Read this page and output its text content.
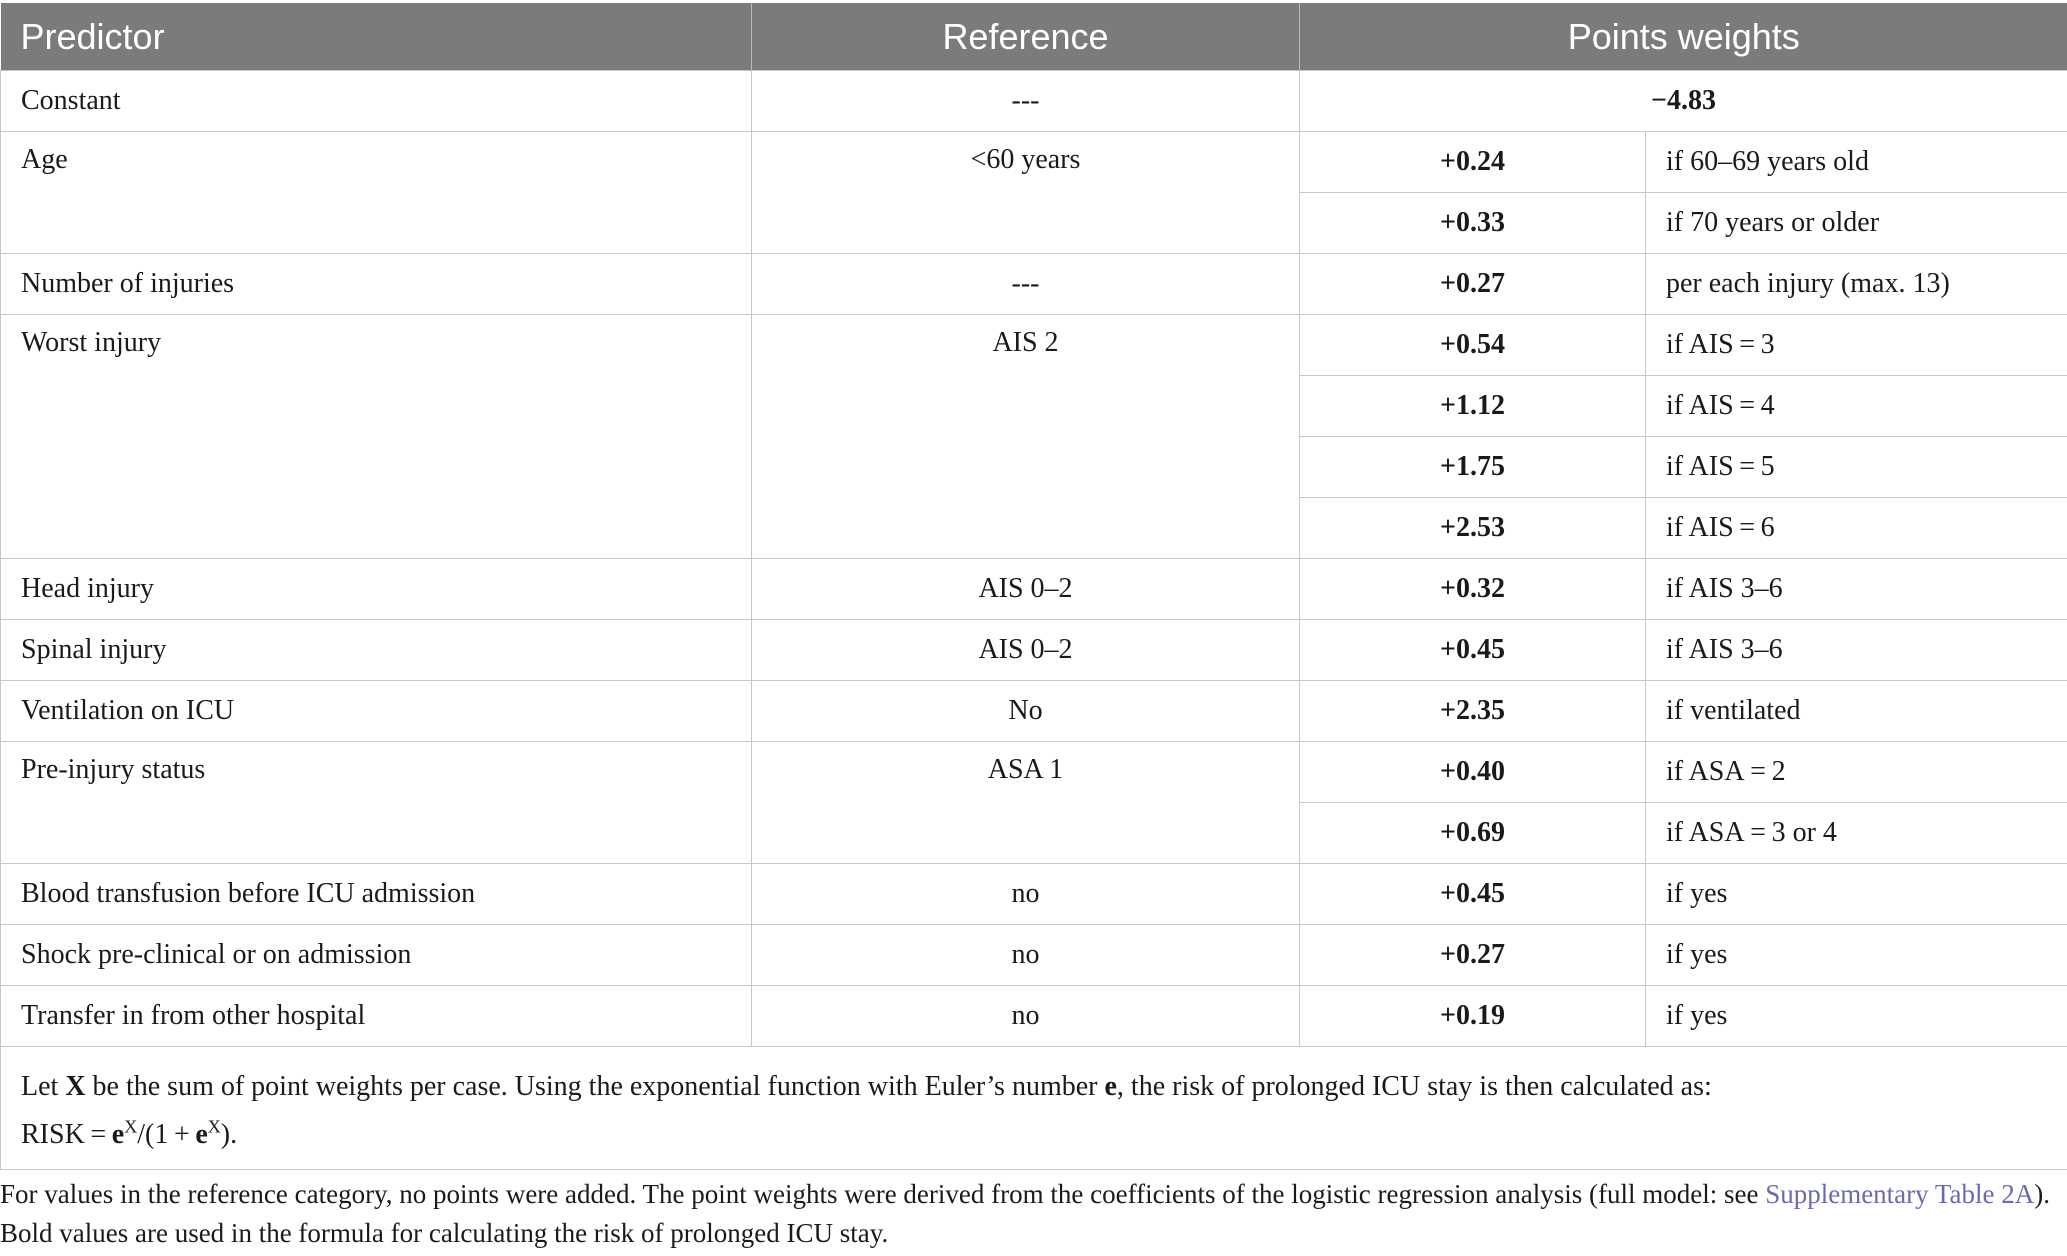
Predictor	Reference	Points weights	
Constant	---	−4.83	
Age	<60 years	+0.24	if 60–69 years old
		+0.33	if 70 years or older
Number of injuries	---	+0.27	per each injury (max. 13)
Worst injury	AIS 2	+0.54	if AIS = 3
		+1.12	if AIS = 4
		+1.75	if AIS = 5
		+2.53	if AIS = 6
Head injury	AIS 0–2	+0.32	if AIS 3–6
Spinal injury	AIS 0–2	+0.45	if AIS 3–6
Ventilation on ICU	No	+2.35	if ventilated
Pre-injury status	ASA 1	+0.40	if ASA = 2
		+0.69	if ASA = 3 or 4
Blood transfusion before ICU admission	no	+0.45	if yes
Shock pre-clinical or on admission	no	+0.27	if yes
Transfer in from other hospital	no	+0.19	if yes

Let X be the sum of point weights per case. Using the exponential function with Euler’s number e, the risk of prolonged ICU stay is then calculated as:
RISK = $e^X/(1 + e^X)$.			
For values in the reference category, no points were added. The point weights were derived from the coefficients of the logistic regression analysis (full model: see Supplementary Table 2A).
Bold values are used in the formula for calculating the risk of prolonged ICU stay.
